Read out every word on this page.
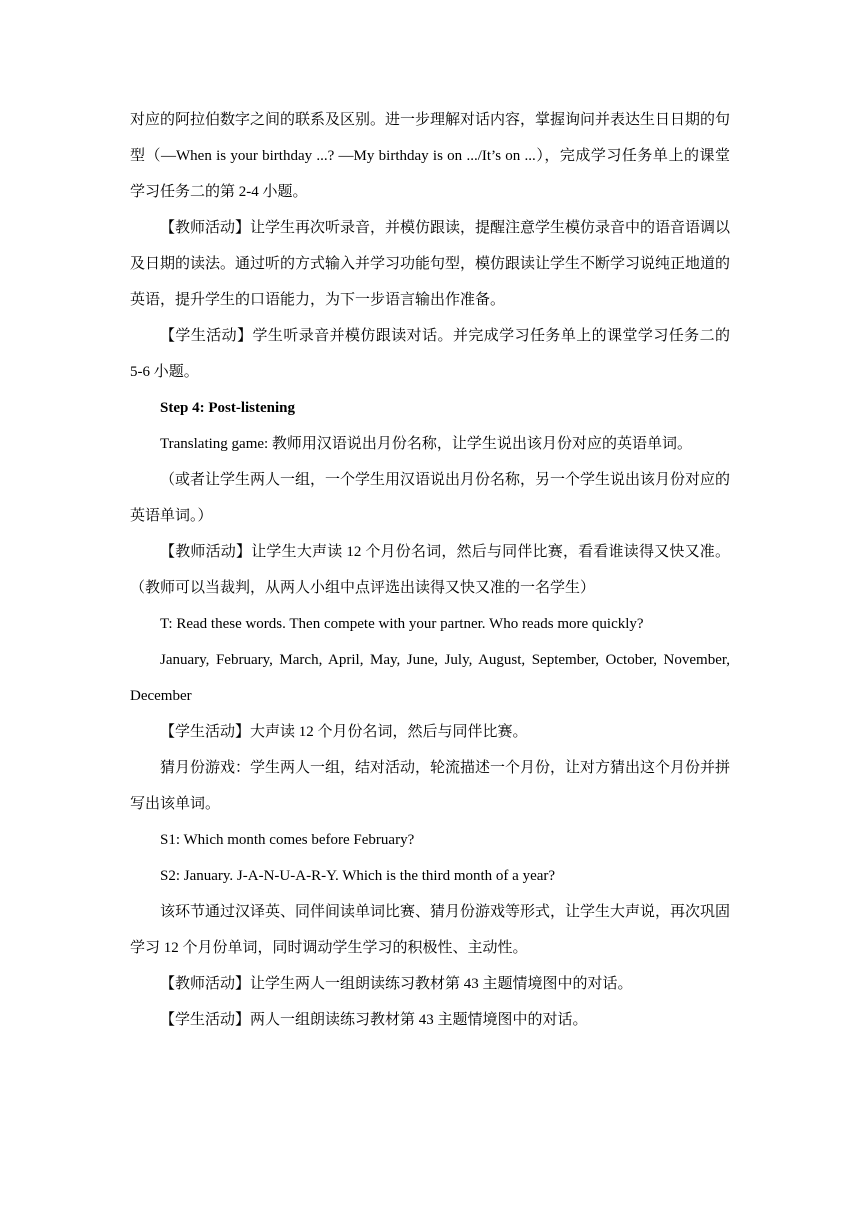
对应的阿拉伯数字之间的联系及区别。进一步理解对话内容，掌握询问并表达生日日期的句
型（—When is your birthday ...? —My birthday is on .../It’s on ...），完成学习任务单上的课堂
学习任务二的第 2-4 小题。
【教师活动】让学生再次听录音，并模仿跟读，提醒注意学生模仿录音中的语音语调以
及日期的读法。通过听的方式输入并学习功能句型，模仿跟读让学生不断学习说纯正地道的
英语，提升学生的口语能力，为下一步语言输出作准备。
【学生活动】学生听录音并模仿跟读对话。并完成学习任务单上的课堂学习任务二的
5-6 小题。
Step 4: Post-listening
Translating game: 教师用汉语说出月份名称，让学生说出该月份对应的英语单词。
（或者让学生两人一组，一个学生用汉语说出月份名称，另一个学生说出该月份对应的
英语单词。）
【教师活动】让学生大声读 12 个月份名词，然后与同伴比赛，看看谁读得又快又准。
（教师可以当裁判，从两人小组中点评选出读得又快又准的一名学生）
T: Read these words. Then compete with your partner. Who reads more quickly?
January, February, March, April, May, June, July, August, September, October, November,
December
【学生活动】大声读 12 个月份名词，然后与同伴比赛。
猜月份游戏：学生两人一组，结对活动，轮流描述一个月份，让对方猜出这个月份并拼
写出该单词。
S1: Which month comes before February?
S2: January. J-A-N-U-A-R-Y. Which is the third month of a year?
该环节通过汉译英、同伴间读单词比赛、猜月份游戏等形式，让学生大声说，再次巩固
学习 12 个月份单词，同时调动学生学习的积极性、主动性。
【教师活动】让学生两人一组朗读练习教材第 43 主题情境图中的对话。
【学生活动】两人一组朗读练习教材第 43 主题情境图中的对话。
